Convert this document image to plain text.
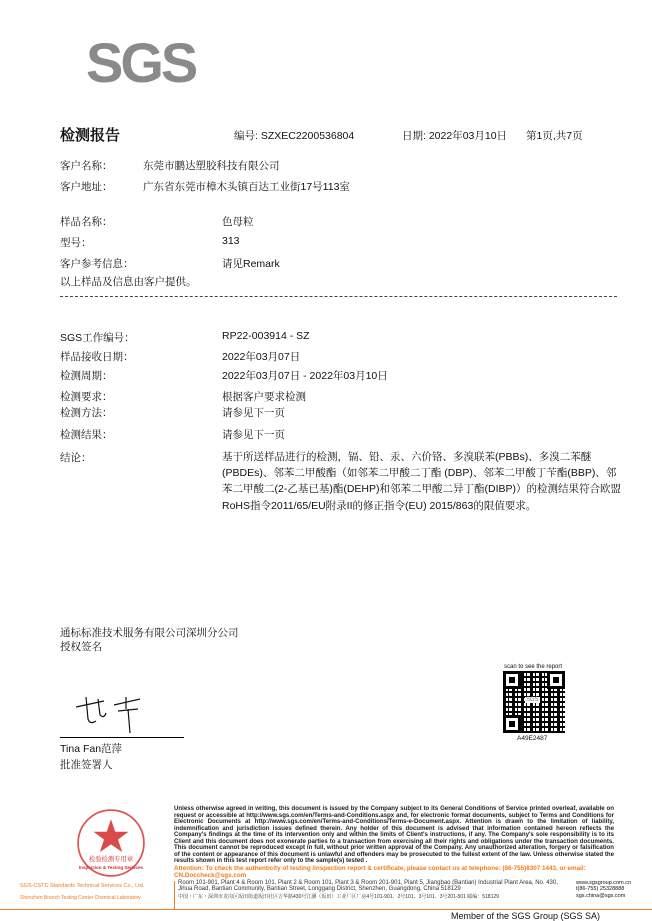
SGS
检测报告	编号: SZXEC2200536804	日期: 2022年03月10日 第1页,共7页
客户名称：	东莞市鹏达塑胶科技有限公司
客户地址：	广东省东莞市樟木头镇百达工业街17号113室
样品名称：	色母粒
型号：	313
客户参考信息：	请见Remark
以上样品及信息由客户提供。
SGS工作编号：	RP22-003914 - SZ
样品接收日期：	2022年03月07日
检测周期：	2022年03月07日 - 2022年03月10日
检测要求：	根据客户要求检测
检测方法：	请参见下一页
检测结果：	请参见下一页
结论：	基于所送样品进行的检测，镉、铅、汞、六价铬、多溴联苯(PBBs)、多溴二苯醚(PBDEs)、邻苯二甲酸酯（如邻苯二甲酸二丁酯 (DBP)、邻苯二甲酸丁苄酯(BBP)、邻苯二甲酸二(2-乙基已基)酯(DEHP)和邻苯二甲酸二异丁酯(DIBP)）的检测结果符合欧盟RoHS指令2011/65/EU附录II的修正指令(EU) 2015/863的限值要求。
通标标准技术服务有限公司深圳分公司
授权签名
Tina Fan范萍
批准签署人
scan to see the report
SGS
A49E2487
检验检测专用章
Inspection & Testing Services
SGS-CSTC Standards Technical Services Co., Ltd.
Shenzhen Branch Testing Center Chemical Laboratory
Unless otherwise agreed in writing, this document is issued by the Company subject to its General Conditions of Service printed overleaf, available on request or accessible at http://www.sgs.com/en/Terms-and-Conditions.aspx and, for electronic format documents, subject to Terms and Conditions for Electronic Documents at http://www.sgs.com/en/Terms-and-Conditions/Terms-e-Document.aspx. Attention is drawn to the limitation of liability, indemnification and jurisdiction issues defined therein. Any holder of this document is advised that information contained hereon reflects the Company's findings at the time of its intervention only and within the limits of Client's instructions, if any. The Company's sole responsibility is to its Client and this document does not exonerate parties to a transaction from exercising all their rights and obligations under the transaction documents. This document cannot be reproduced except in full, without prior written approval of the Company. Any unauthorized alteration, forgery or falsification of the content or appearance of this document is unlawful and offenders may be prosecuted to the fullest extent of the law. Unless otherwise stated the results shown in this test report refer only to the sample(s) tested .
Attention: To check the authenticity of testing /inspection report & certificate, please contact us at telephone: (86-755)8307 1443, or email: CN.Doccheck@sgs.com
Room 101-901, Plant 4 & Room 101, Plant 2 & Room 101, Plant 3 & Room 201-901, Plant 5, Jiangbao (Bantian) Industrial Plant Area, No. 430, Jihua Road, Bantian Community, Bantian Street, Longgang District, Shenzhen, Guangdong, China 518129
中国・广东・深圳市龙岗区坂田街道坂田社区吉华路430号江灏（坂田）工业厂区厂房4号101-901、2号101、3号101、3号201-501 邮编：518129
www.sgsgroup.com.cn
t(86-755) 25328888
sgs.china@sgs.com
Member of the SGS Group (SGS SA)
